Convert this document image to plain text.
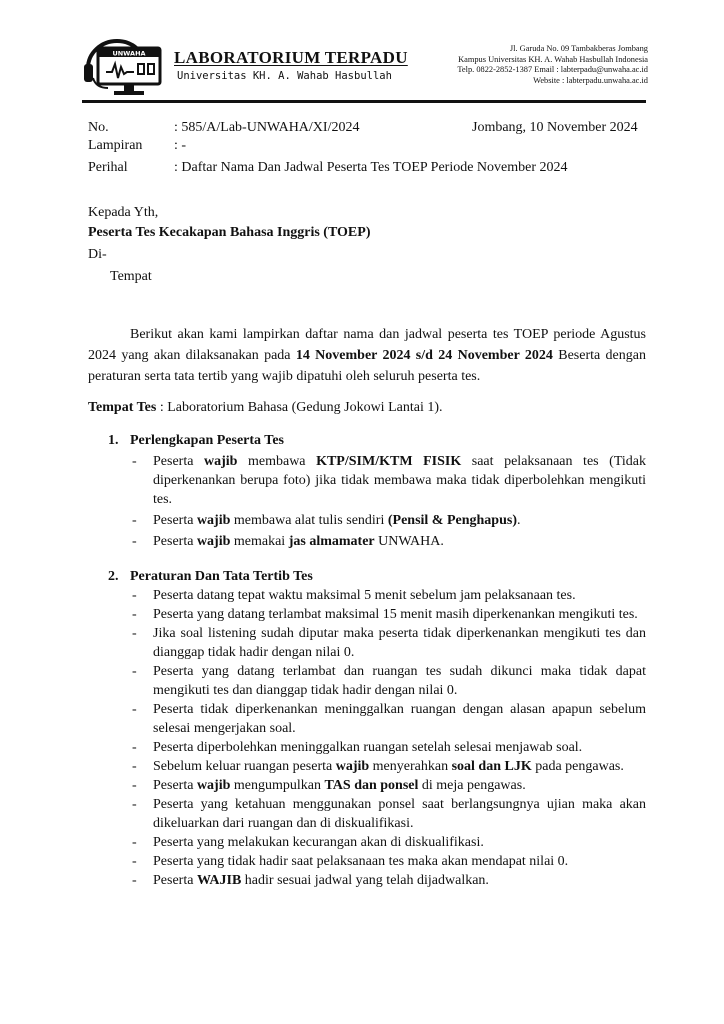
UNWAHA LABORATORIUM TERPADU
Universitas KH. A. Wahab Hasbullah
Jl. Garuda No. 09 Tambakberas Jombang
Kampus Universitas KH. A. Wahab Hasbullah Indonesia
Telp. 0822-2852-1387 Email : labterpadu@unwaha.ac.id
Website : labterpadu.unwaha.ac.id
No.	: 585/A/Lab-UNWAHA/XI/2024	Jombang, 10 November 2024
Lampiran : -
Perihal	: Daftar Nama Dan Jadwal Peserta Tes TOEP Periode November 2024
Kepada Yth,
Peserta Tes Kecakapan Bahasa Inggris (TOEP)
Di-
Tempat
Berikut akan kami lampirkan daftar nama dan jadwal peserta tes TOEP periode Agustus 2024 yang akan dilaksanakan pada 14 November 2024 s/d 24 November 2024 Beserta dengan peraturan serta tata tertib yang wajib dipatuhi oleh seluruh peserta tes.
Tempat Tes : Laboratorium Bahasa (Gedung Jokowi Lantai 1).
1. Perlengkapan Peserta Tes
- Peserta wajib membawa KTP/SIM/KTM FISIK saat pelaksanaan tes (Tidak diperkenankan berupa foto) jika tidak membawa maka tidak diperbolehkan mengikuti tes.
- Peserta wajib membawa alat tulis sendiri (Pensil & Penghapus).
- Peserta wajib memakai jas almamater UNWAHA.
2. Peraturan Dan Tata Tertib Tes
- Peserta datang tepat waktu maksimal 5 menit sebelum jam pelaksanaan tes.
- Peserta yang datang terlambat maksimal 15 menit masih diperkenankan mengikuti tes.
- Jika soal listening sudah diputar maka peserta tidak diperkenankan mengikuti tes dan dianggap tidak hadir dengan nilai 0.
- Peserta yang datang terlambat dan ruangan tes sudah dikunci maka tidak dapat mengikuti tes dan dianggap tidak hadir dengan nilai 0.
- Peserta tidak diperkenankan meninggalkan ruangan dengan alasan apapun sebelum selesai mengerjakan soal.
- Peserta diperbolehkan meninggalkan ruangan setelah selesai menjawab soal.
- Sebelum keluar ruangan peserta wajib menyerahkan soal dan LJK pada pengawas.
- Peserta wajib mengumpulkan TAS dan ponsel di meja pengawas.
- Peserta yang ketahuan menggunakan ponsel saat berlangsungnya ujian maka akan dikeluarkan dari ruangan dan di diskualifikasi.
- Peserta yang melakukan kecurangan akan di diskualifikasi.
- Peserta yang tidak hadir saat pelaksanaan tes maka akan mendapat nilai 0.
- Peserta WAJIB hadir sesuai jadwal yang telah dijadwalkan.
